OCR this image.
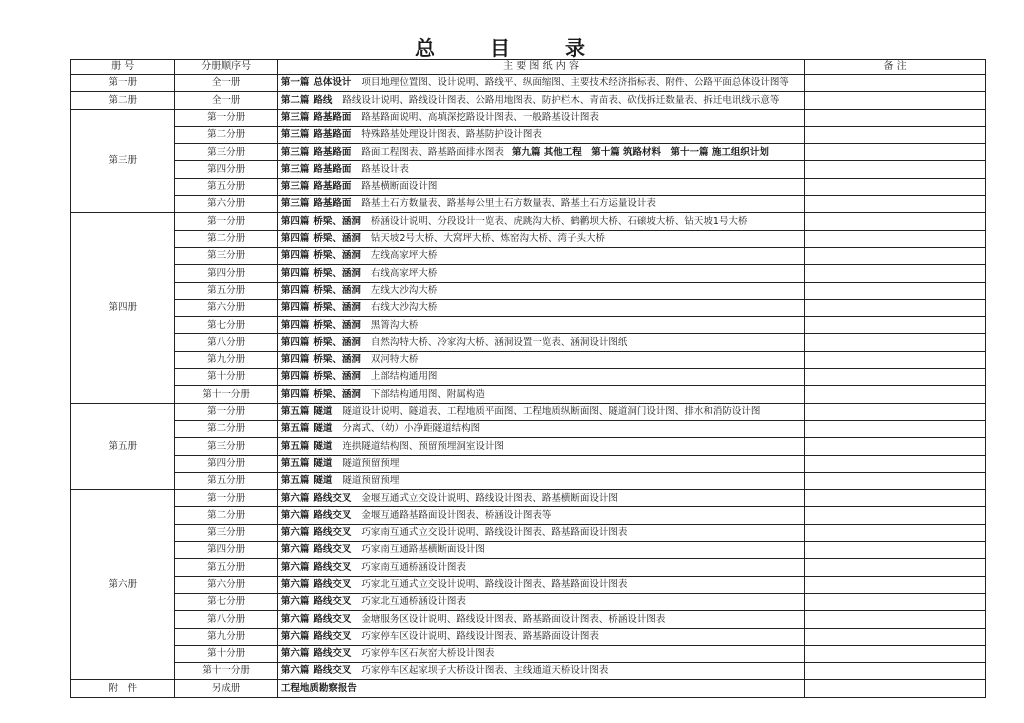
总 目 录
册 号	分册顺序号	主 要 图 纸 内 容	备 注
第一册	全一册	第一篇 总体设计 项目地理位置图、设计说明、路线平、纵面缩图、主要技术经济指标表、附件、公路平面总体设计图等	
第二册	全一册	第二篇 路线 路线设计说明、路线设计图表、公路用地图表、防护栏木、青苗表、砍伐拆迁数量表、拆迁电讯线示意等	
第三册	第一分册	第三篇 路基路面 路基路面说明、高填深挖路设计图表、一般路基设计图表	
	第二分册	第三篇 路基路面 特殊路基处理设计图表、路基防护设计图表	
	第三分册	第三篇 路基路面 路面工程图表、路基路面排水图表 第九篇 其他工程　第十篇 筑路材料　第十一篇 施工组织计划	
	第四分册	第三篇 路基路面 路基设计表	
	第五分册	第三篇 路基路面 路基横断面设计图	
	第六分册	第三篇 路基路面 路基土石方数量表、路基每公里土石方数量表、路基土石方运量设计表	
第四册	第一分册	第四篇 桥梁、涵洞 桥涵设计说明、分段设计一览表、虎跳沟大桥、鹤鹳坝大桥、石磙坡大桥、钻天坡1号大桥	
	第二分册	第四篇 桥梁、涵洞 钻天坡2号大桥、大窝坪大桥、炼窑沟大桥、湾子头大桥	
	第三分册	第四篇 桥梁、涵洞 左线高家坪大桥	
	第四分册	第四篇 桥梁、涵洞 右线高家坪大桥	
	第五分册	第四篇 桥梁、涵洞 左线大沙沟大桥	
	第六分册	第四篇 桥梁、涵洞 右线大沙沟大桥	
	第七分册	第四篇 桥梁、涵洞 黑箐沟大桥	
	第八分册	第四篇 桥梁、涵洞 自然沟特大桥、冷家沟大桥、涵洞设置一览表、涵洞设计图纸	
	第九分册	第四篇 桥梁、涵洞 双河特大桥	
	第十分册	第四篇 桥梁、涵洞 上部结构通用图	
	第十一分册	第四篇 桥梁、涵洞 下部结构通用图、附属构造	
第五册	第一分册	第五篇 隧道 隧道设计说明、隧道表、工程地质平面图、工程地质纵断面图、隧道洞门设计图、排水和消防设计图	
	第二分册	第五篇 隧道 分离式、（幼）小净距隧道结构图	
	第三分册	第五篇 隧道 连拱隧道结构图、预留预埋洞室设计图	
	第四分册	第五篇 隧道 隧道预留预埋	
	第五分册	第五篇 隧道 隧道预留预埋	
第六册	第一分册	第六篇 路线交叉 金堰互通式立交设计说明、路线设计图表、路基横断面设计图	
	第二分册	第六篇 路线交叉 金堰互通路基路面设计图表、桥涵设计图表等	
	第三分册	第六篇 路线交叉 巧家南互通式立交设计说明、路线设计图表、路基路面设计图表	
	第四分册	第六篇 路线交叉 巧家南互通路基横断面设计图	
	第五分册	第六篇 路线交叉 巧家南互通桥涵设计图表	
	第六分册	第六篇 路线交叉 巧家北互通式立交设计说明、路线设计图表、路基路面设计图表	
	第七分册	第六篇 路线交叉 巧家北互通桥涵设计图表	
	第八分册	第六篇 路线交叉 金塘服务区设计说明、路线设计图表、路基路面设计图表、桥涵设计图表	
	第九分册	第六篇 路线交叉 巧家停车区设计说明、路线设计图表、路基路面设计图表	
	第十分册	第六篇 路线交叉 巧家停车区石灰窑大桥设计图表	
	第十一分册	第六篇 路线交叉 巧家停车区起家坝子大桥设计图表、主线通道天桥设计图表	
附　件	另成册	工程地质勘察报告	
